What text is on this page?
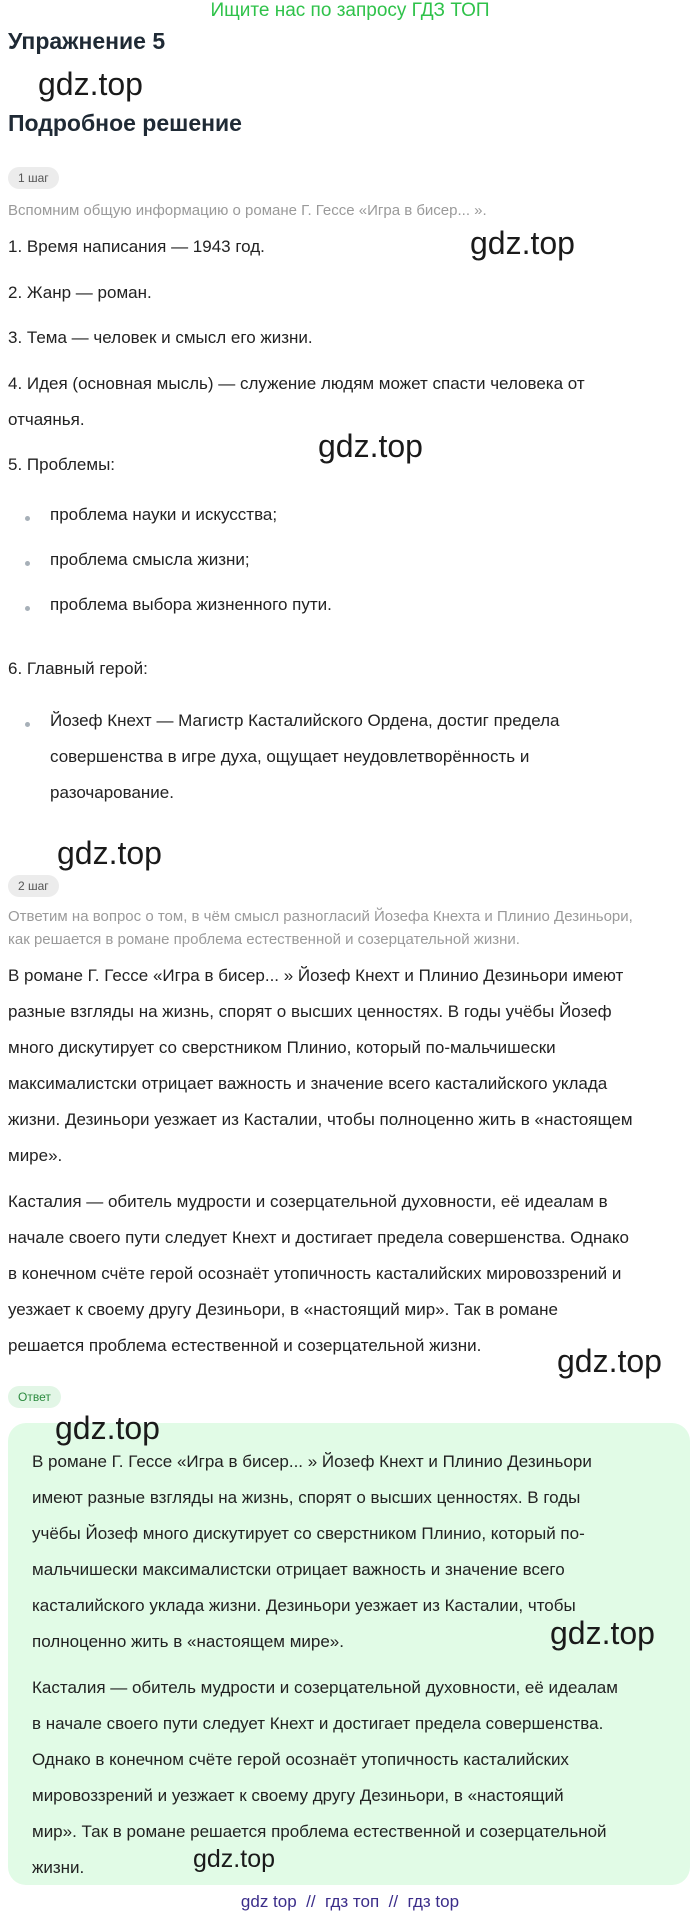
Ищите нас по запросу ГДЗ ТОП
Упражнение 5
gdz.top
Подробное решение
1 шаг
Вспомним общую информацию о романе Г. Гессе «Игра в бисер... ».
1. Время написания — 1943 год.	gdz.top
2. Жанр — роман.
3. Тема — человек и смысл его жизни.
4. Идея (основная мысль) — служение людям может спасти человека от
отчаянья.
gdz.top
5. Проблемы:
проблема науки и искусства;
проблема смысла жизни;
проблема выбора жизненного пути.
6. Главный герой:
Йозеф Кнехт — Магистр Касталийского Ордена, достиг предела
совершенства в игре духа, ощущает неудовлетворённость и
разочарование.
gdz.top
2 шаг
Ответим на вопрос о том, в чём смысл разногласий Йозефа Кнехта и Плинио Дезиньори,
как решается в романе проблема естественной и созерцательной жизни.
В романе Г. Гессе «Игра в бисер... » Йозеф Кнехт и Плинио Дезиньори имеют
разные взгляды на жизнь, спорят о высших ценностях. В годы учёбы Йозеф
много дискутирует со сверстником Плинио, который по-мальчишески
максималистски отрицает важность и значение всего касталийского уклада
жизни. Дезиньори уезжает из Касталии, чтобы полноценно жить в «настоящем
мире».
Касталия — обитель мудрости и созерцательной духовности, её идеалам в
начале своего пути следует Кнехт и достигает предела совершенства. Однако
в конечном счёте герой осознаёт утопичность касталийских мировоззрений и
уезжает к своему другу Дезиньори, в «настоящий мир». Так в романе
решается проблема естественной и созерцательной жизни.	gdz.top
Ответ
gdz.top
В романе Г. Гессе «Игра в бисер... » Йозеф Кнехт и Плинио Дезиньори
имеют разные взгляды на жизнь, спорят о высших ценностях. В годы
учёбы Йозеф много дискутирует со сверстником Плинио, который по-
мальчишески максималистски отрицает важность и значение всего
касталийского уклада жизни. Дезиньори уезжает из Касталии, чтобы
полноценно жить в «настоящем мире».	gdz.top
Касталия — обитель мудрости и созерцательной духовности, её идеалам
в начале своего пути следует Кнехт и достигает предела совершенства.
Однако в конечном счёте герой осознаёт утопичность касталийских
мировоззрений и уезжает к своему другу Дезиньори, в «настоящий
мир». Так в романе решается проблема естественной и созерцательной
жизни.	gdz.top
gdz top // гдз топ // гдз top
